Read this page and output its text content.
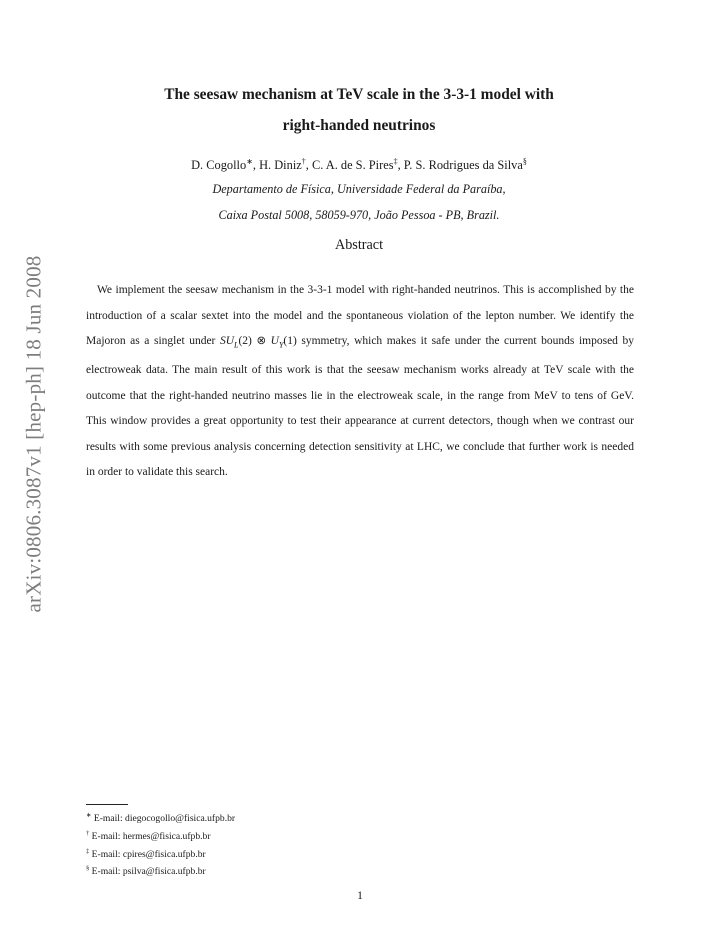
arXiv:0806.3087v1 [hep-ph] 18 Jun 2008
The seesaw mechanism at TeV scale in the 3-3-1 model with
right-handed neutrinos
D. Cogollo∗, H. Diniz†, C. A. de S. Pires‡, P. S. Rodrigues da Silva§
Departamento de Física, Universidade Federal da Paraíba,
Caixa Postal 5008, 58059-970, João Pessoa - PB, Brazil.
Abstract
We implement the seesaw mechanism in the 3-3-1 model with right-handed neutrinos. This is accomplished by the introduction of a scalar sextet into the model and the spontaneous violation of the lepton number. We identify the Majoron as a singlet under $SU_L(2)$ ⊗ $U_Y(1)$ symmetry, which makes it safe under the current bounds imposed by electroweak data. The main result of this work is that the seesaw mechanism works already at TeV scale with the outcome that the right-handed neutrino masses lie in the electroweak scale, in the range from MeV to tens of GeV. This window provides a great opportunity to test their appearance at current detectors, though when we contrast our results with some previous analysis concerning detection sensitivity at LHC, we conclude that further work is needed in order to validate this search.
∗ E-mail: diegocogollo@fisica.ufpb.br
† E-mail: hermes@fisica.ufpb.br
‡ E-mail: cpires@fisica.ufpb.br
§ E-mail: psilva@fisica.ufpb.br
1
